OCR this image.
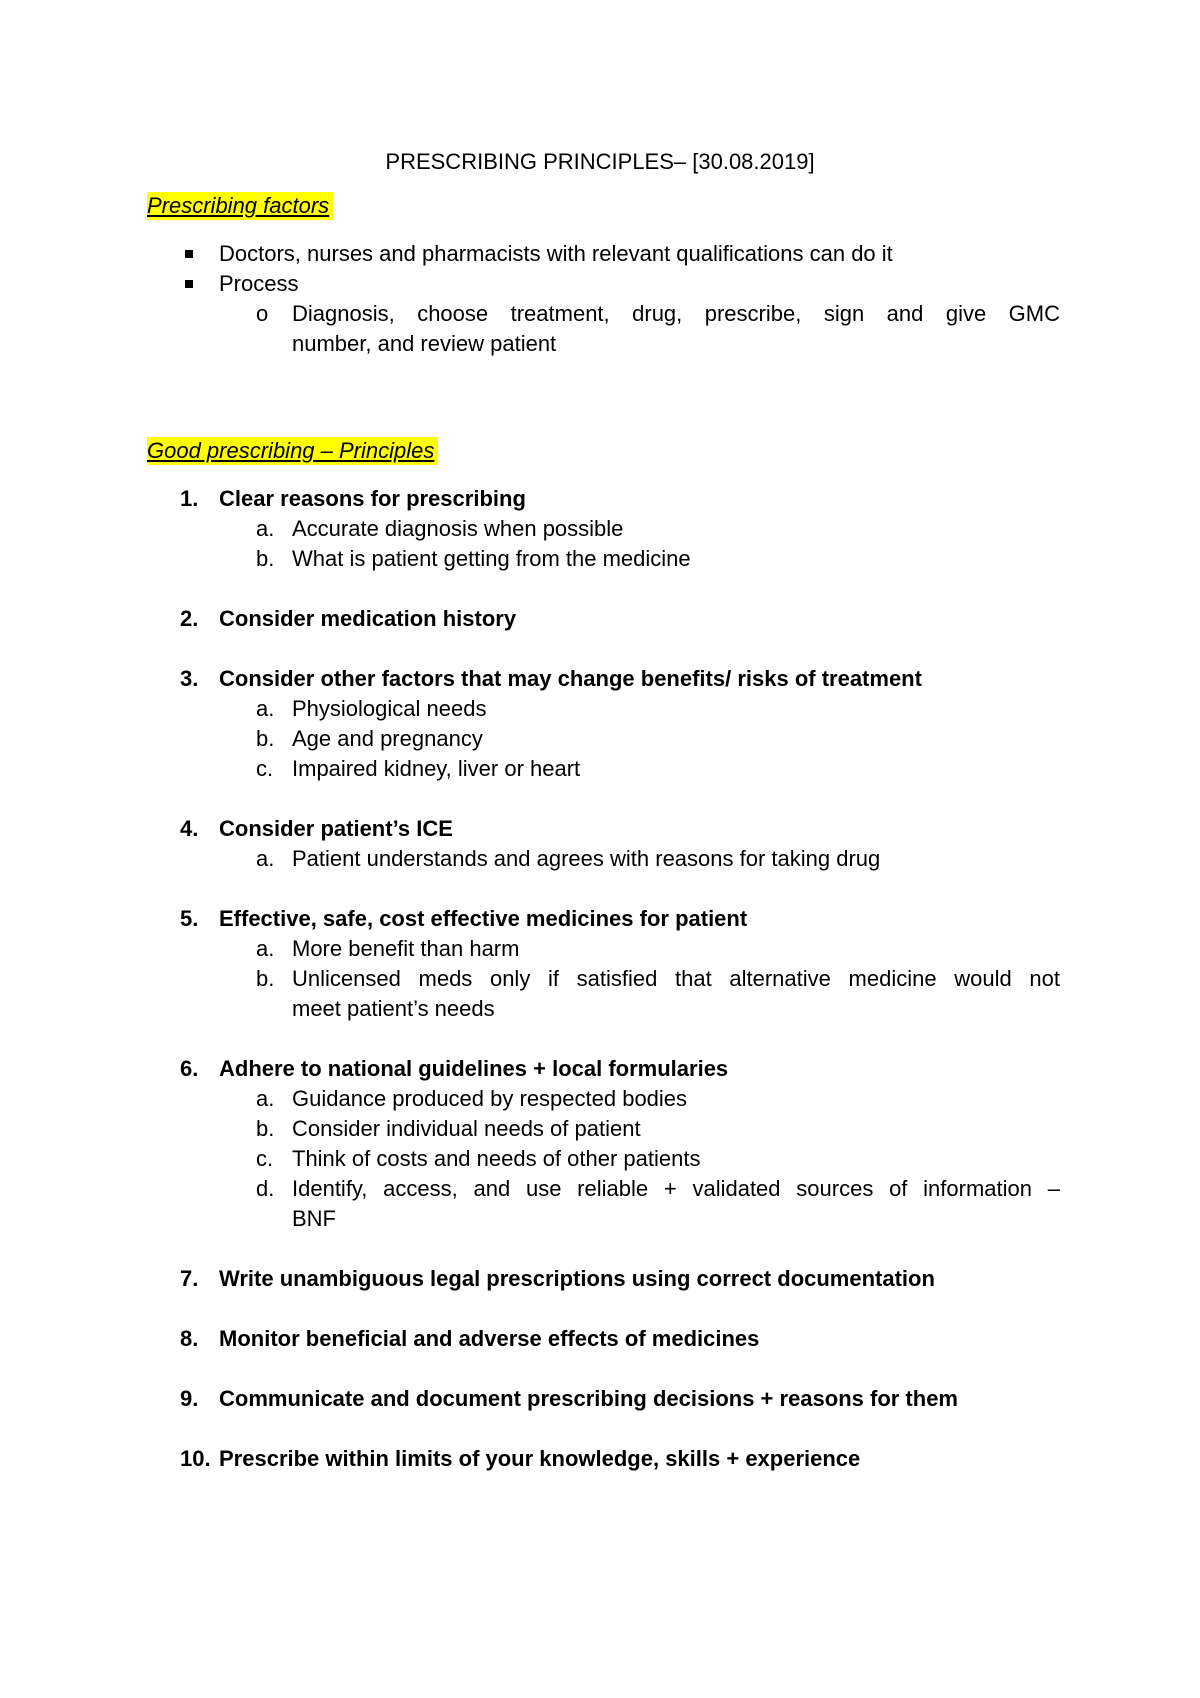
PRESCRIBING PRINCIPLES– [30.08.2019]
Prescribing factors
Doctors, nurses and pharmacists with relevant qualifications can do it
Process
o Diagnosis, choose treatment, drug, prescribe, sign and give GMC
number, and review patient
Good prescribing – Principles
1. Clear reasons for prescribing
a. Accurate diagnosis when possible
b. What is patient getting from the medicine
2. Consider medication history
3. Consider other factors that may change benefits/ risks of treatment
a. Physiological needs
b. Age and pregnancy
c. Impaired kidney, liver or heart
4. Consider patient’s ICE
a. Patient understands and agrees with reasons for taking drug
5. Effective, safe, cost effective medicines for patient
a. More benefit than harm
b. Unlicensed meds only if satisfied that alternative medicine would not
meet patient’s needs
6. Adhere to national guidelines + local formularies
a. Guidance produced by respected bodies
b. Consider individual needs of patient
c. Think of costs and needs of other patients
d. Identify, access, and use reliable + validated sources of information –
BNF
7. Write unambiguous legal prescriptions using correct documentation
8. Monitor beneficial and adverse effects of medicines
9. Communicate and document prescribing decisions + reasons for them
10. Prescribe within limits of your knowledge, skills + experience
